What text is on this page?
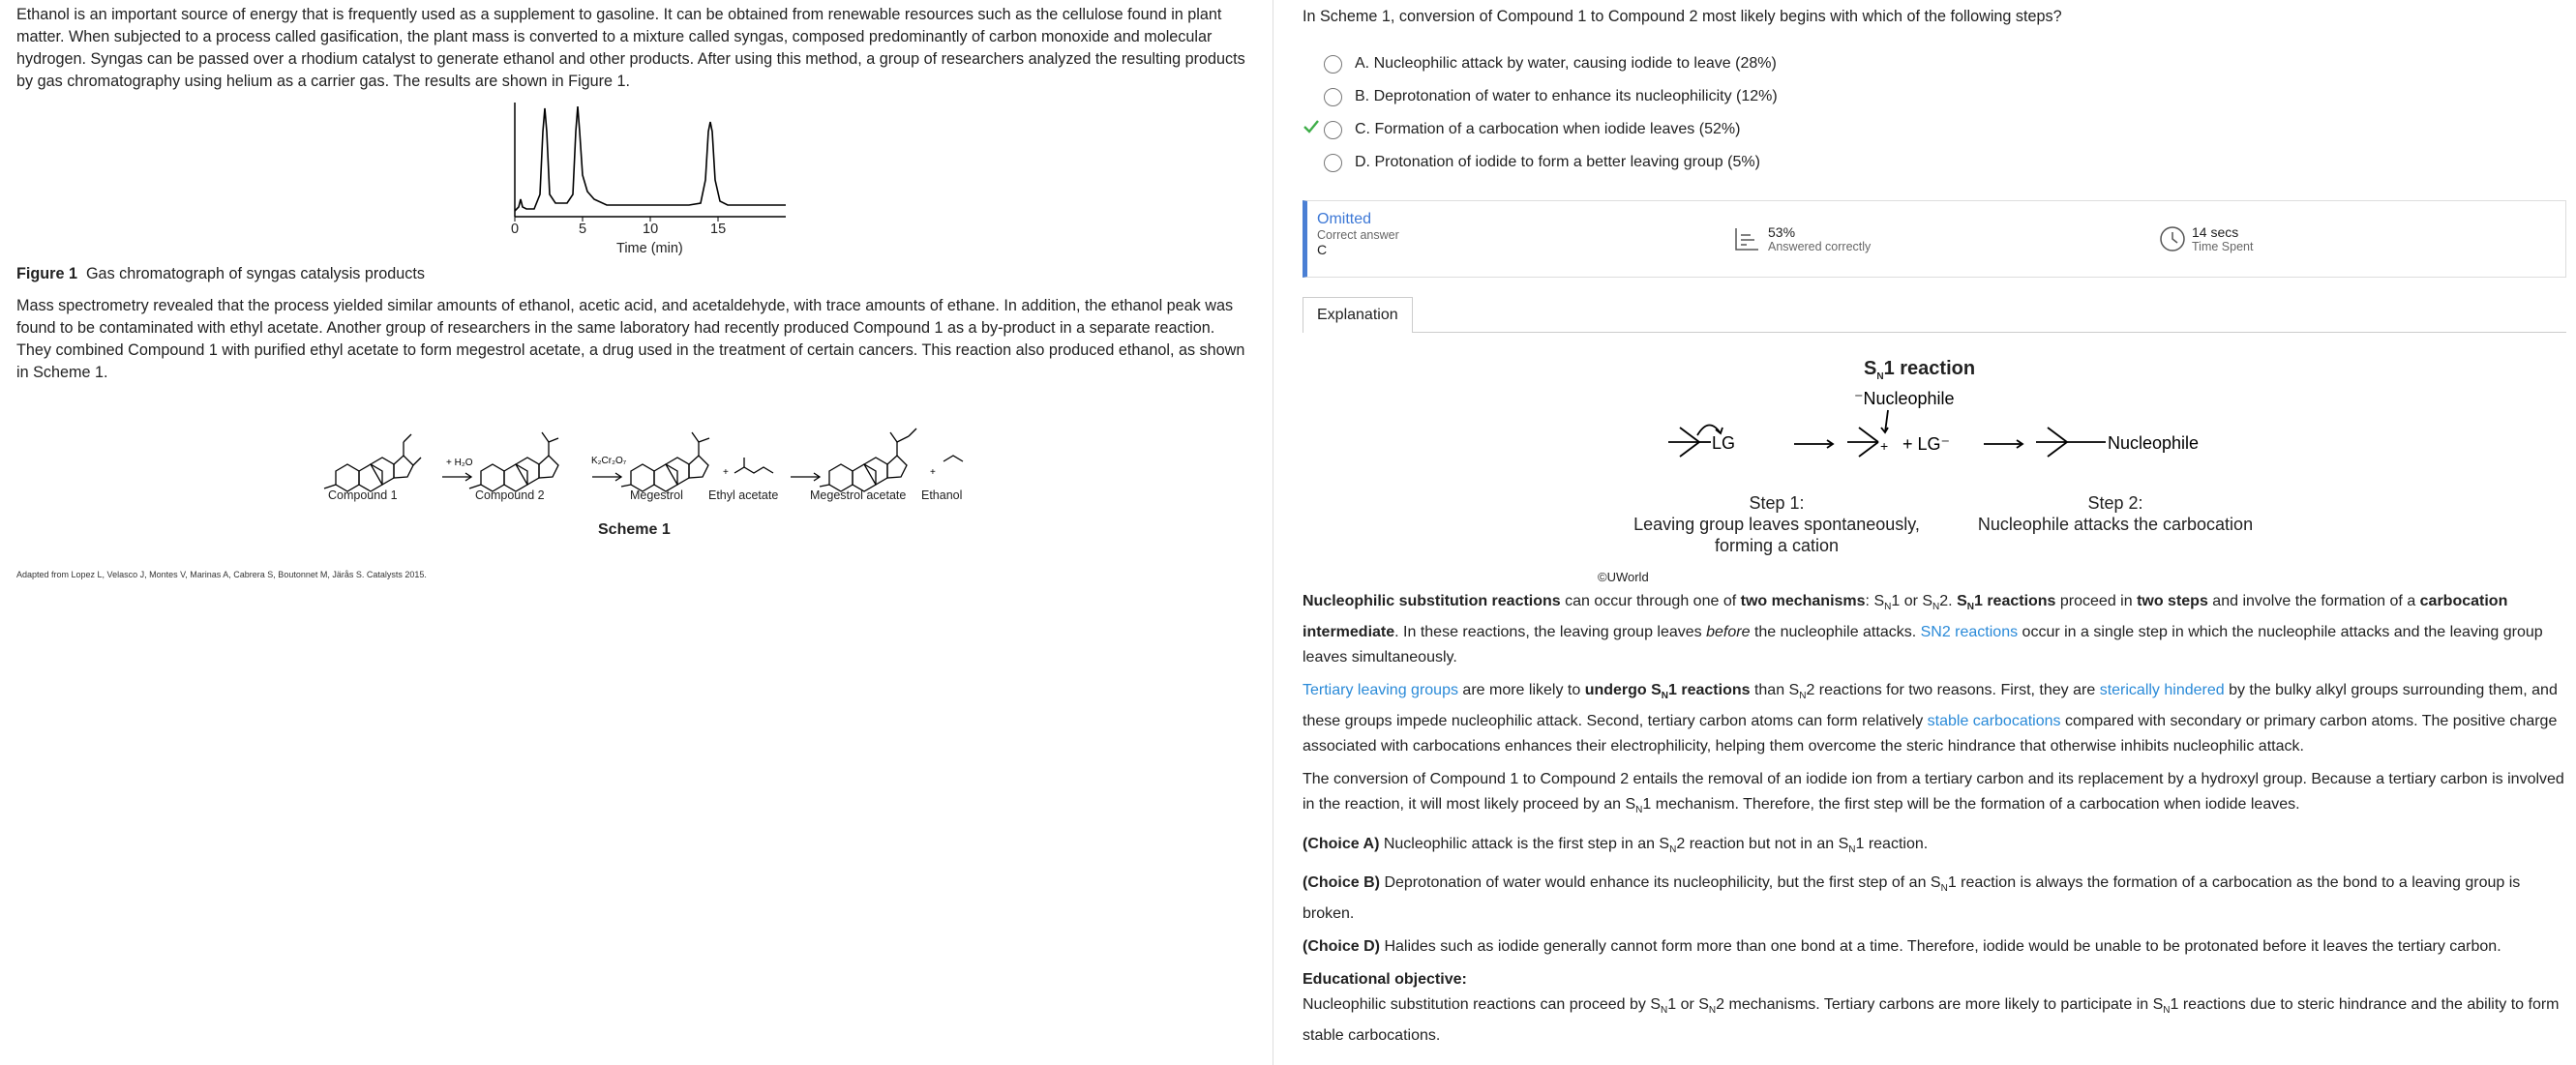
Ethanol is an important source of energy that is frequently used as a supplement to gasoline. It can be obtained from renewable resources such as the cellulose found in plant matter. When subjected to a process called gasification, the plant mass is converted to a mixture called syngas, composed predominantly of carbon monoxide and molecular hydrogen. Syngas can be passed over a rhodium catalyst to generate ethanol and other products. After using this method, a group of researchers analyzed the resulting products by gas chromatography using helium as a carrier gas. The results are shown in Figure 1.

0	5	10	15
Time (min)

Figure 1 Gas chromatograph of syngas catalysis products

Mass spectrometry revealed that the process yielded similar amounts of ethanol, acetic acid, and acetaldehyde, with trace amounts of ethane. In addition, the ethanol peak was found to be contaminated with ethyl acetate. Another group of researchers in the same laboratory had recently produced Compound 1 as a by-product in a separate reaction. They combined Compound 1 with purified ethyl acetate to form megestrol acetate, a drug used in the treatment of certain cancers. This reaction also produced ethanol, as shown in Scheme 1.

+ H₂O	K₂Cr₂O₇
+	+
Compound 1	Compound 2	Megestrol Ethyl acetate	Megestrol acetate Ethanol
Scheme 1
Adapted from Lopez L, Velasco J, Montes V, Marinas A, Cabrera S, Boutonnet M, Järås S. Catalysts 2015.
In Scheme 1, conversion of Compound 1 to Compound 2 most likely begins with which of the following steps?
A. Nucleophilic attack by water, causing iodide to leave (28%)
B. Deprotonation of water to enhance its nucleophilicity (12%)
C. Formation of a carbocation when iodide leaves (52%)
D. Protonation of iodide to form a better leaving group (5%)
Omitted
Correct answer
C
53%
Answered correctly
14 secs
Time Spent
Explanation
$S_N1$ reaction
LG	+ + LG⁻
⁻Nucleophile
Nucleophile
Step 1:
Leaving group leaves spontaneously, forming a cation
Step 2:
Nucleophile attacks the carbocation
©UWorld

Nucleophilic substitution reactions can occur through one of two mechanisms: $S_N1$ or $S_N2$. $S_N1$ reactions proceed in two steps and involve the formation of a carbocation intermediate. In these reactions, the leaving group leaves before the nucleophile attacks. SN2 reactions occur in a single step in which the nucleophile attacks and the leaving group leaves simultaneously.

Tertiary leaving groups are more likely to undergo $S_N1$ reactions than $S_N2$ reactions for two reasons. First, they are sterically hindered by the bulky alkyl groups surrounding them, and these groups impede nucleophilic attack. Second, tertiary carbon atoms can form relatively stable carbocations compared with secondary or primary carbon atoms. The positive charge associated with carbocations enhances their electrophilicity, helping them overcome the steric hindrance that otherwise inhibits nucleophilic attack.

The conversion of Compound 1 to Compound 2 entails the removal of an iodide ion from a tertiary carbon and its replacement by a hydroxyl group. Because a tertiary carbon is involved in the reaction, it will most likely proceed by an $S_N1$ mechanism. Therefore, the first step will be the formation of a carbocation when iodide leaves.

(Choice A) Nucleophilic attack is the first step in an $S_N2$ reaction but not in an $S_N1$ reaction.

(Choice B) Deprotonation of water would enhance its nucleophilicity, but the first step of an $S_N1$ reaction is always the formation of a carbocation as the bond to a leaving group is broken.

(Choice D) Halides such as iodide generally cannot form more than one bond at a time. Therefore, iodide would be unable to be protonated before it leaves the tertiary carbon.

Educational objective:

Nucleophilic substitution reactions can proceed by $S_N1$ or $S_N2$ mechanisms. Tertiary carbons are more likely to participate in $S_N1$ reactions due to steric hindrance and the ability to form stable carbocations.
